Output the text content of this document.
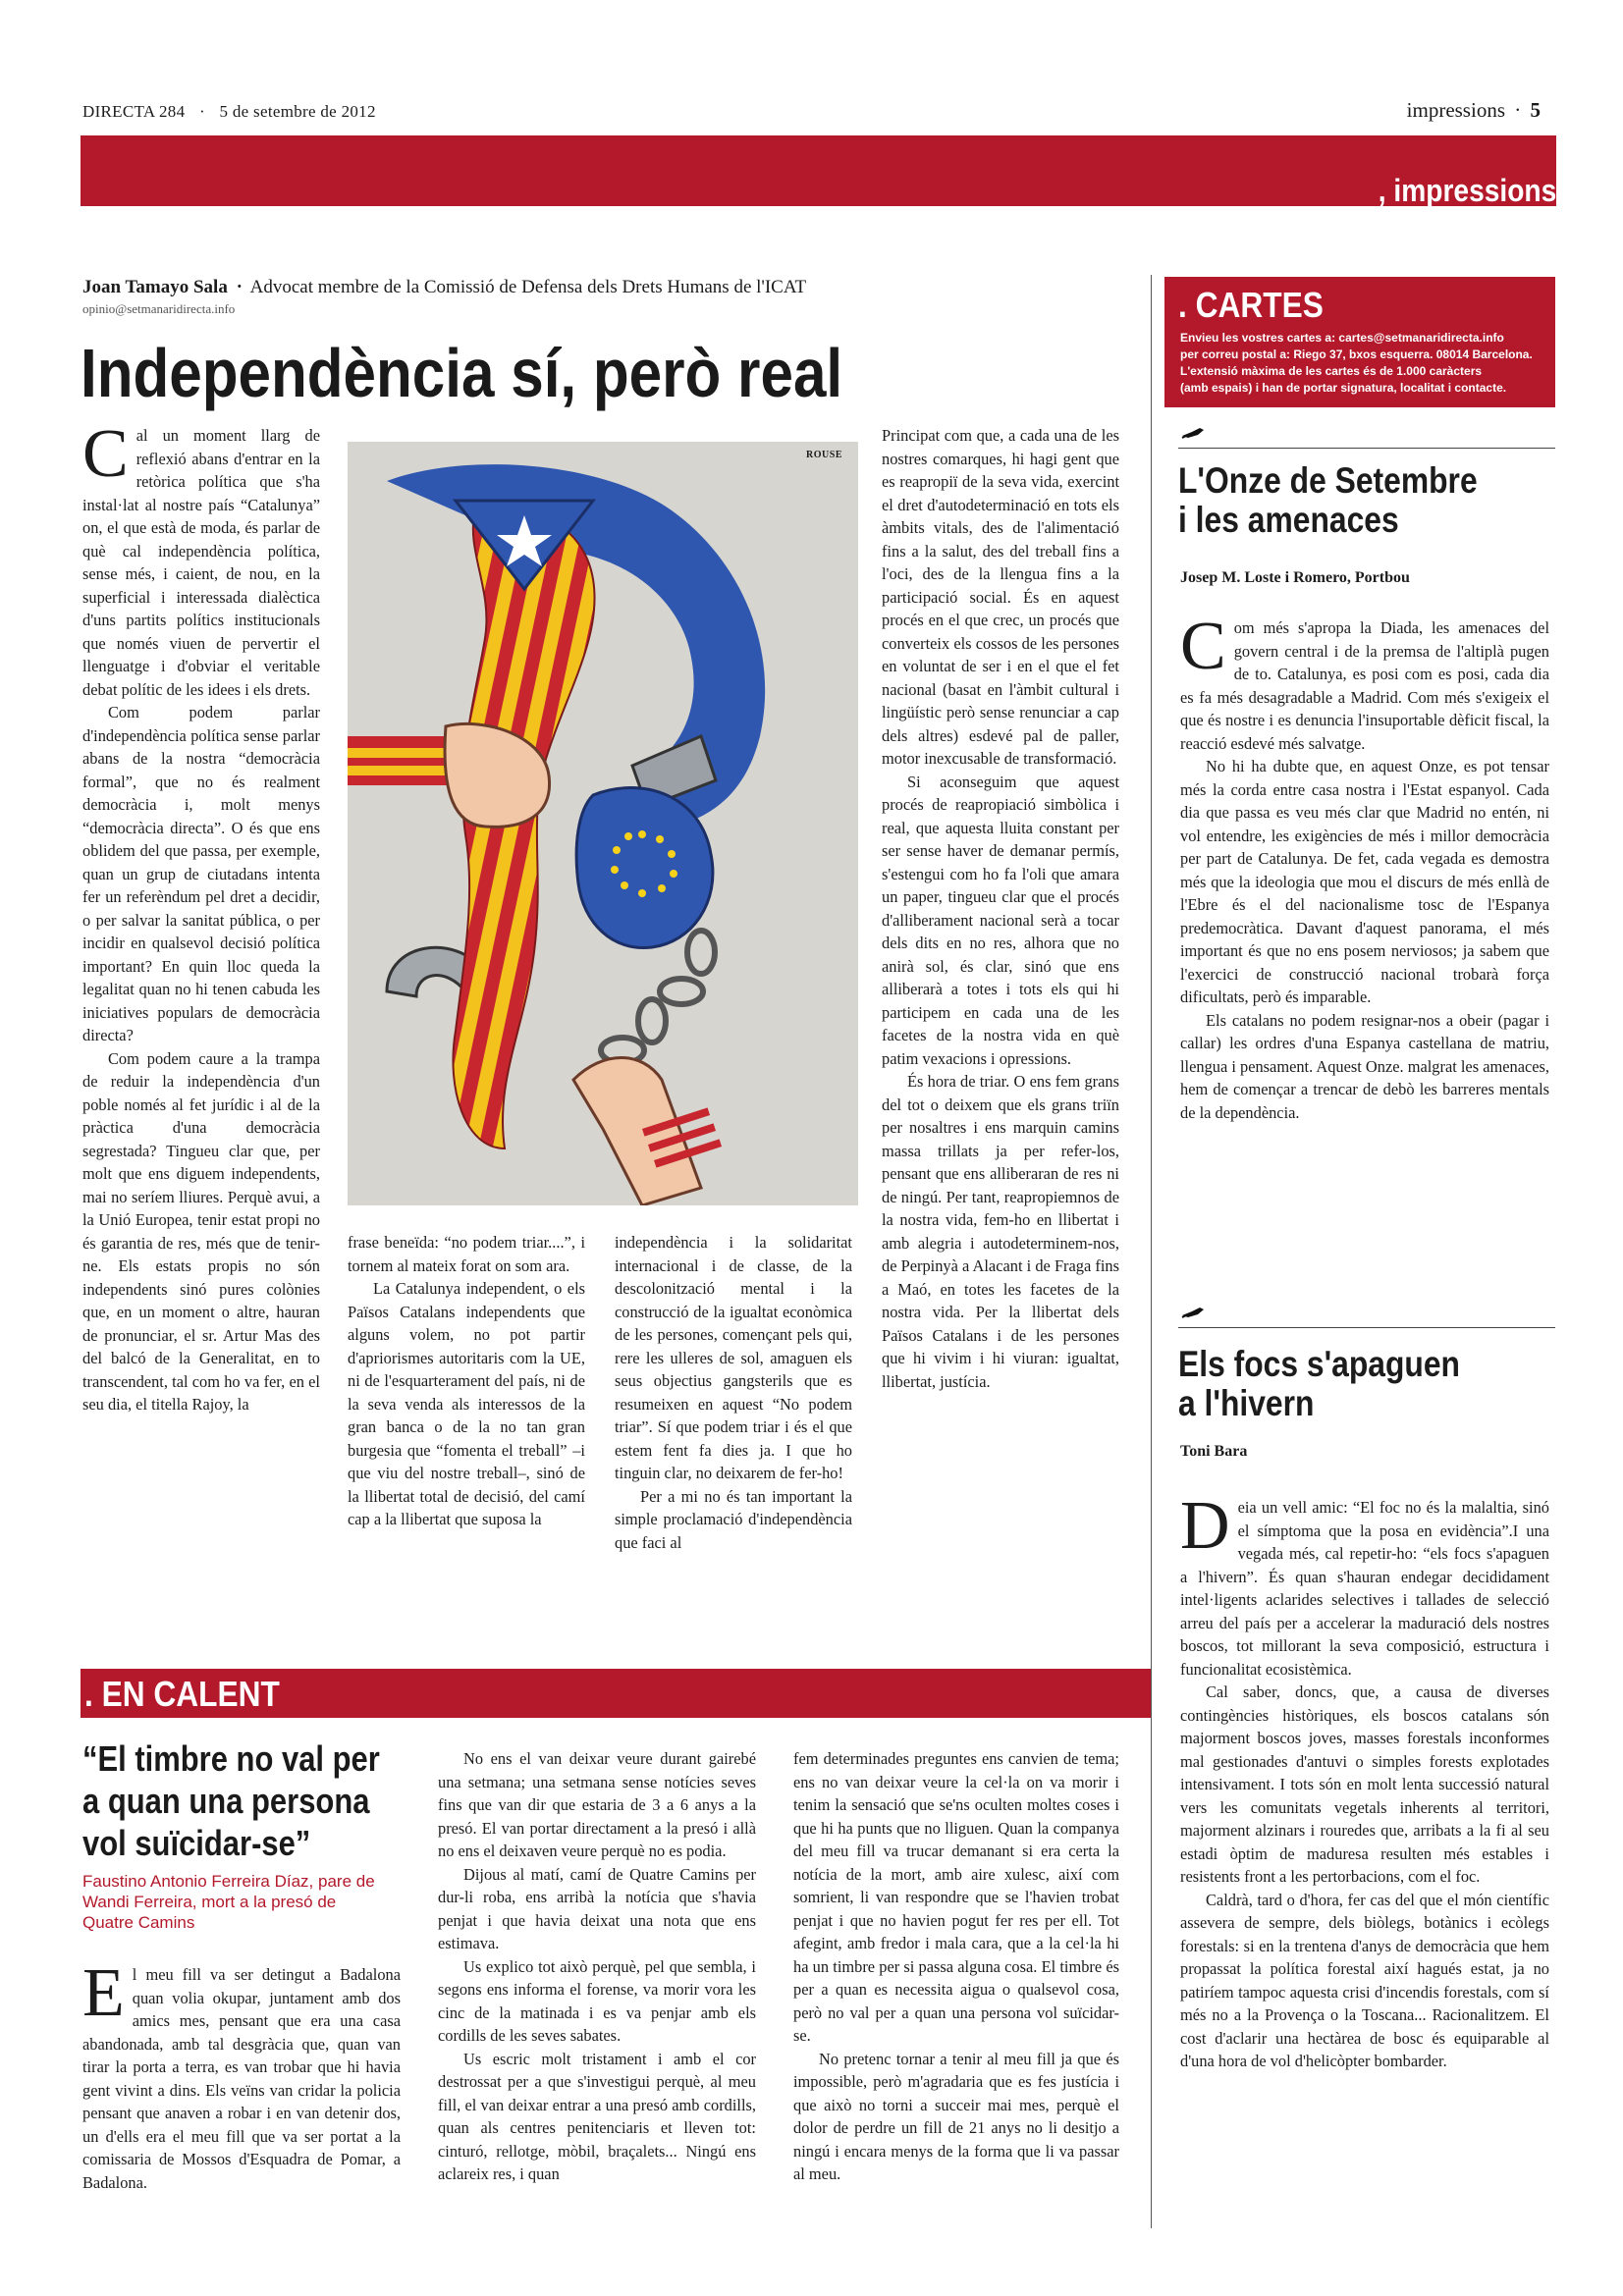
DIRECTA 284 · 5 de setembre de 2012	impressions · 5
, impressions
Joan Tamayo Sala · Advocat membre de la Comissió de Defensa dels Drets Humans de l'ICAT
opinio@setmanaridirecta.info
Independència sí, però real

Cal un moment llarg de reflexió abans d'entrar en la retòrica política que s'ha instal·lat al nostre país “Catalunya” on, el que està de moda, és parlar de què cal independència política, sense més, i caient, de nou, en la superficial i interessada dialèctica d'uns partits polítics institucionals que només viuen de pervertir el llenguatge i d'obviar el veritable debat polític de les idees i els drets.

Com podem parlar d'independència política sense parlar abans de la nostra “democràcia formal”, que no és realment democràcia i, molt menys “democràcia directa”. O és que ens oblidem del que passa, per exemple, quan un grup de ciutadans intenta fer un referèndum pel dret a decidir, o per salvar la sanitat pública, o per incidir en qualsevol decisió política important? En quin lloc queda la legalitat quan no hi tenen cabuda les iniciatives populars de democràcia directa?

Com podem caure a la trampa de reduir la independència d'un poble només al fet jurídic i al de la pràctica d'una democràcia segrestada? Tingueu clar que, per molt que ens diguem independents, mai no seríem lliures. Perquè avui, a la Unió Europea, tenir estat propi no és garantia de res, més que de tenir-ne. Els estats propis no són independents sinó pures colònies que, en un moment o altre, hauran de pronunciar, el sr. Artur Mas des del balcó de la Generalitat, en to transcendent, tal com ho va fer, en el seu dia, el titella Rajoy, la

ROUSE

frase beneïda: “no podem triar....”, i tornem al mateix forat on som ara.

La Catalunya independent, o els Països Catalans independents que alguns volem, no pot partir d'apriorismes autoritaris com la UE, ni de l'esquarterament del país, ni de la seva venda als interessos de la gran banca o de la no tan gran burgesia que “fomenta el treball” –i que viu del nostre treball–, sinó de la llibertat total de decisió, del camí cap a la llibertat que suposa la

independència i la solidaritat internacional i de classe, de la descolonització mental i la construcció de la igualtat econòmica de les persones, començant pels qui, rere les ulleres de sol, amaguen els seus objectius gangsterils que es resumeixen en aquest “No podem triar”. Sí que podem triar i és el que estem fent fa dies ja. I que ho tinguin clar, no deixarem de fer-ho!

Per a mi no és tan important la simple proclamació d'independència que faci al

Principat com que, a cada una de les nostres comarques, hi hagi gent que es reapropiï de la seva vida, exercint el dret d'autodeterminació en tots els àmbits vitals, des de l'alimentació fins a la salut, des del treball fins a l'oci, des de la llengua fins a la participació social. És en aquest procés en el que crec, un procés que converteix els cossos de les persones en voluntat de ser i en el que el fet nacional (basat en l'àmbit cultural i lingüístic però sense renunciar a cap dels altres) esdevé pal de paller, motor inexcusable de transformació.

Si aconseguim que aquest procés de reapropiació simbòlica i real, que aquesta lluita constant per ser sense haver de demanar permís, s'estengui com ho fa l'oli que amara un paper, tingueu clar que el procés d'alliberament nacional serà a tocar dels dits en no res, alhora que no anirà sol, és clar, sinó que ens alliberarà a totes i tots els qui hi participem en cada una de les facetes de la nostra vida en què patim vexacions i opressions.

És hora de triar. O ens fem grans del tot o deixem que els grans triïn per nosaltres i ens marquin camins massa trillats ja per refer-los, pensant que ens alliberaran de res ni de ningú. Per tant, reapropiemnos de la nostra vida, fem-ho en llibertat i amb alegria i autodeterminem-nos, de Perpinyà a Alacant i de Fraga fins a Maó, en totes les facetes de la nostra vida. Per la llibertat dels Països Catalans i de les persones que hi vivim i hi viuran: igualtat, llibertat, justícia.

. CARTES
Envieu les vostres cartes a: cartes@setmanaridirecta.info
per correu postal a: Riego 37, bxos esquerra. 08014 Barcelona.
L'extensió màxima de les cartes és de 1.000 caràcters
(amb espais) i han de portar signatura, localitat i contacte.
L'Onze de Setembre
i les amenaces
Josep M. Loste i Romero, Portbou

Com més s'apropa la Diada, les amenaces del govern central i de la premsa de l'altiplà pugen de to. Catalunya, es posi com es posi, cada dia es fa més desagradable a Madrid. Com més s'exigeix el que és nostre i es denuncia l'insuportable dèficit fiscal, la reacció esdevé més salvatge.

No hi ha dubte que, en aquest Onze, es pot tensar més la corda entre casa nostra i l'Estat espanyol. Cada dia que passa es veu més clar que Madrid no entén, ni vol entendre, les exigències de més i millor democràcia per part de Catalunya. De fet, cada vegada es demostra més que la ideologia que mou el discurs de més enllà de l'Ebre és el del nacionalisme tosc de l'Espanya predemocràtica. Davant d'aquest panorama, el més important és que no ens posem nerviosos; ja sabem que l'exercici de construcció nacional trobarà força dificultats, però és imparable.

Els catalans no podem resignar-nos a obeir (pagar i callar) les ordres d'una Espanya castellana de matriu, llengua i pensament. Aquest Onze. malgrat les amenaces, hem de començar a trencar de debò les barreres mentals de la dependència.

Els focs s'apaguen
a l'hivern
Toni Bara

Deia un vell amic: “El foc no és la malaltia, sinó el símptoma que la posa en evidència”.I una vegada més, cal repetir-ho: “els focs s'apaguen a l'hivern”. És quan s'hauran endegar decididament intel·ligents aclarides selectives i tallades de selecció arreu del país per a accelerar la maduració dels nostres boscos, tot millorant la seva composició, estructura i funcionalitat ecosistèmica.

Cal saber, doncs, que, a causa de diverses contingències històriques, els boscos catalans són majorment boscos joves, masses forestals inconformes mal gestionades d'antuvi o simples forests explotades intensivament. I tots són en molt lenta successió natural vers les comunitats vegetals inherents al territori, majorment alzinars i rouredes que, arribats a la fi al seu estadi òptim de maduresa resulten més estables i resistents front a les pertorbacions, com el foc.

Caldrà, tard o d'hora, fer cas del que el món científic assevera de sempre, dels biòlegs, botànics i ecòlegs forestals: si en la trentena d'anys de democràcia que hem propassat la política forestal així hagués estat, ja no patiríem tampoc aquesta crisi d'incendis forestals, com sí més no a la Provença o la Toscana... Racionalitzem. El cost d'aclarir una hectàrea de bosc és equiparable al d'una hora de vol d'helicòpter bombarder.

. EN CALENT
“El timbre no val per
a quan una persona
vol suïcidar-se”
Faustino Antonio Ferreira Díaz, pare de
Wandi Ferreira, mort a la presó de
Quatre Camins

El meu fill va ser detingut a Badalona quan volia okupar, juntament amb dos amics mes, pensant que era una casa abandonada, amb tal desgràcia que, quan van tirar la porta a terra, es van trobar que hi havia gent vivint a dins. Els veïns van cridar la policia pensant que anaven a robar i en van detenir dos, un d'ells era el meu fill que va ser portat a la comissaria de Mossos d'Esquadra de Pomar, a Badalona.

No ens el van deixar veure durant gairebé una setmana; una setmana sense notícies seves fins que van dir que estaria de 3 a 6 anys a la presó. El van portar directament a la presó i allà no ens el deixaven veure perquè no es podia.

Dijous al matí, camí de Quatre Camins per dur-li roba, ens arribà la notícia que s'havia penjat i que havia deixat una nota que ens estimava.

Us explico tot això perquè, pel que sembla, i segons ens informa el forense, va morir vora les cinc de la matinada i es va penjar amb els cordills de les seves sabates.

Us escric molt tristament i amb el cor destrossat per a que s'investigui perquè, al meu fill, el van deixar entrar a una presó amb cordills, quan als centres penitenciaris et lleven tot: cinturó, rellotge, mòbil, braçalets... Ningú ens aclareix res, i quan

fem determinades preguntes ens canvien de tema; ens no van deixar veure la cel·la on va morir i tenim la sensació que se'ns oculten moltes coses i que hi ha punts que no lliguen. Quan la companya del meu fill va trucar demanant si era certa la notícia de la mort, amb aire xulesc, així com somrient, li van respondre que se l'havien trobat penjat i que no havien pogut fer res per ell. Tot afegint, amb fredor i mala cara, que a la cel·la hi ha un timbre per si passa alguna cosa. El timbre és per a quan es necessita aigua o qualsevol cosa, però no val per a quan una persona vol suïcidar-se.

No pretenc tornar a tenir al meu fill ja que és impossible, però m'agradaria que es fes justícia i que això no torni a succeir mai mes, perquè el dolor de perdre un fill de 21 anys no li desitjo a ningú i encara menys de la forma que li va passar al meu.
